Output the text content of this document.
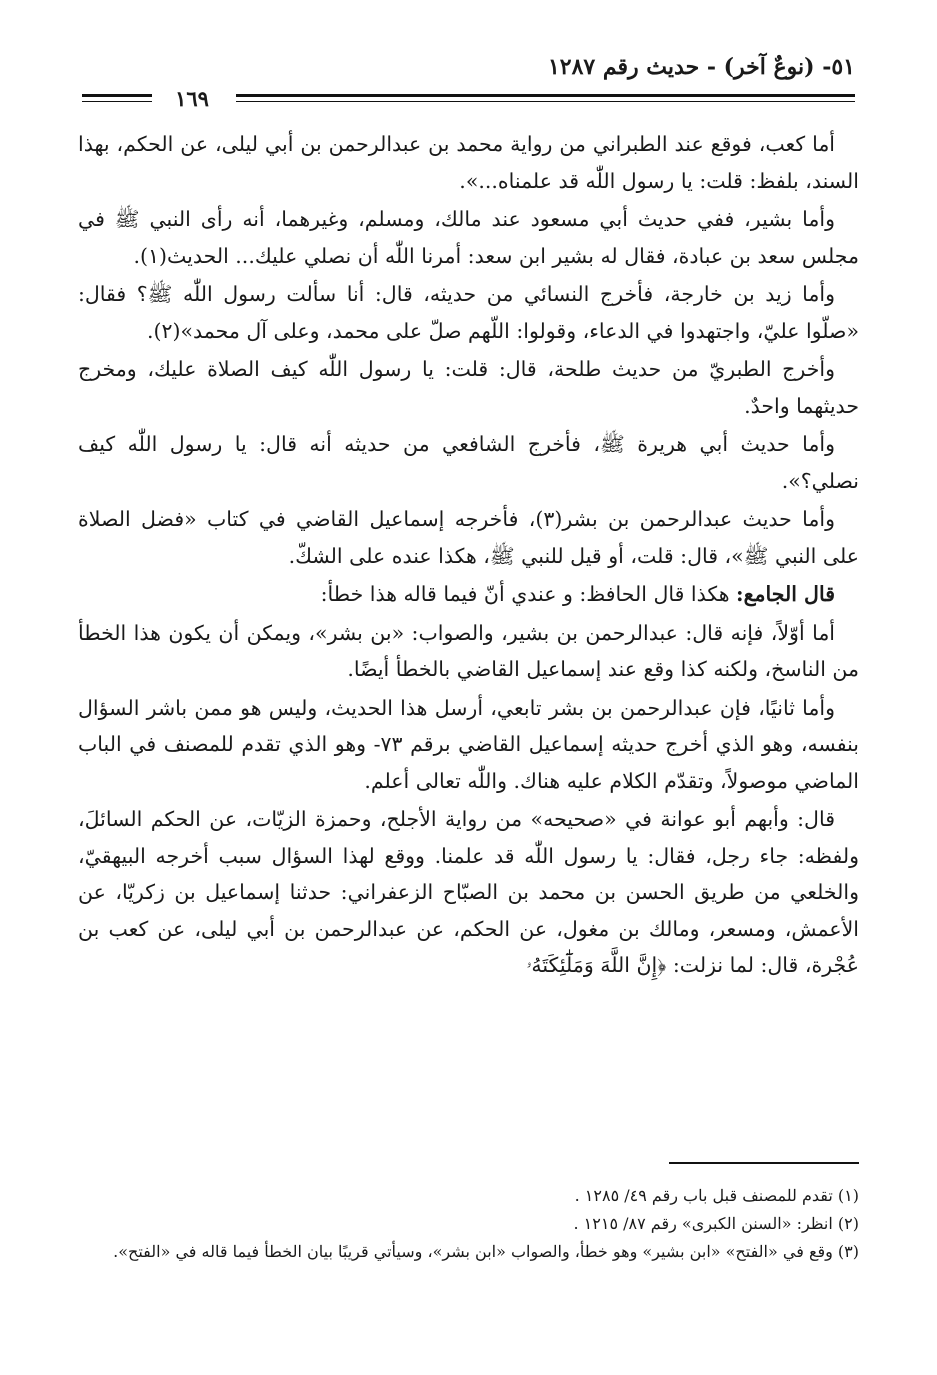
٥١- (نوعٌ آخر) - حديث رقم ١٢٨٧
١٦٩

أما كعب، فوقع عند الطبراني من رواية محمد بن عبدالرحمن بن أبي ليلى، عن الحكم، بهذا السند، بلفظ: قلت: يا رسول اللّٰه قد علمناه...».

وأما بشير، ففي حديث أبي مسعود عند مالك، ومسلم، وغيرهما، أنه رأى النبي ﷺ في مجلس سعد بن عبادة، فقال له بشير ابن سعد: أمرنا اللّٰه أن نصلي عليك... الحديث(١).

وأما زيد بن خارجة، فأخرج النسائي من حديثه، قال: أنا سألت رسول اللّٰه ﷺ؟ فقال: «صلّوا عليّ، واجتهدوا في الدعاء، وقولوا: اللّهم صلّ على محمد، وعلى آل محمد»(٢).

وأخرج الطبريّ من حديث طلحة، قال: قلت: يا رسول اللّٰه كيف الصلاة عليك، ومخرج حديثهما واحدٌ.

وأما حديث أبي هريرة ﷺ، فأخرج الشافعي من حديثه أنه قال: يا رسول اللّٰه كيف نصلي؟».

وأما حديث عبدالرحمن بن بشر(٣)، فأخرجه إسماعيل القاضي في كتاب «فضل الصلاة على النبي ﷺ»، قال: قلت، أو قيل للنبي ﷺ، هكذا عنده على الشكّ.

قال الجامع: هكذا قال الحافظ: و عندي أنّ فيما قاله هذا خطأ:

أما أوّلاً، فإنه قال: عبدالرحمن بن بشير، والصواب: «بن بشر»، ويمكن أن يكون هذا الخطأ من الناسخ، ولكنه كذا وقع عند إسماعيل القاضي بالخطأ أيضًا.

وأما ثانيًا، فإن عبدالرحمن بن بشر تابعي، أرسل هذا الحديث، وليس هو ممن باشر السؤال بنفسه، وهو الذي أخرج حديثه إسماعيل القاضي برقم ٧٣- وهو الذي تقدم للمصنف في الباب الماضي موصولاً، وتقدّم الكلام عليه هناك. واللّٰه تعالى أعلم.

قال: وأبهم أبو عوانة في «صحيحه» من رواية الأجلح، وحمزة الزيّات، عن الحكم السائلَ، ولفظه: جاء رجل، فقال: يا رسول اللّٰه قد علمنا. ووقع لهذا السؤال سبب أخرجه البيهقيّ، والخلعي من طريق الحسن بن محمد بن الصبّاح الزعفراني: حدثنا إسماعيل بن زكريّا، عن الأعمش، ومسعر، ومالك بن مغول، عن الحكم، عن عبدالرحمن بن أبي ليلى، عن كعب بن عُجْرة، قال: لما نزلت: ﴿إِنَّ اللَّهَ وَمَلَٰٓئِكَتَهُۥ

(١) تقدم للمصنف قبل باب رقم ٤٩/ ١٢٨٥ .

(٢) انظر: «السنن الكبرى» رقم ٨٧/ ١٢١٥ .

(٣) وقع في «الفتح» «ابن بشير» وهو خطأ، والصواب «ابن بشر»، وسيأتي قريبًا بيان الخطأ فيما قاله في «الفتح».
